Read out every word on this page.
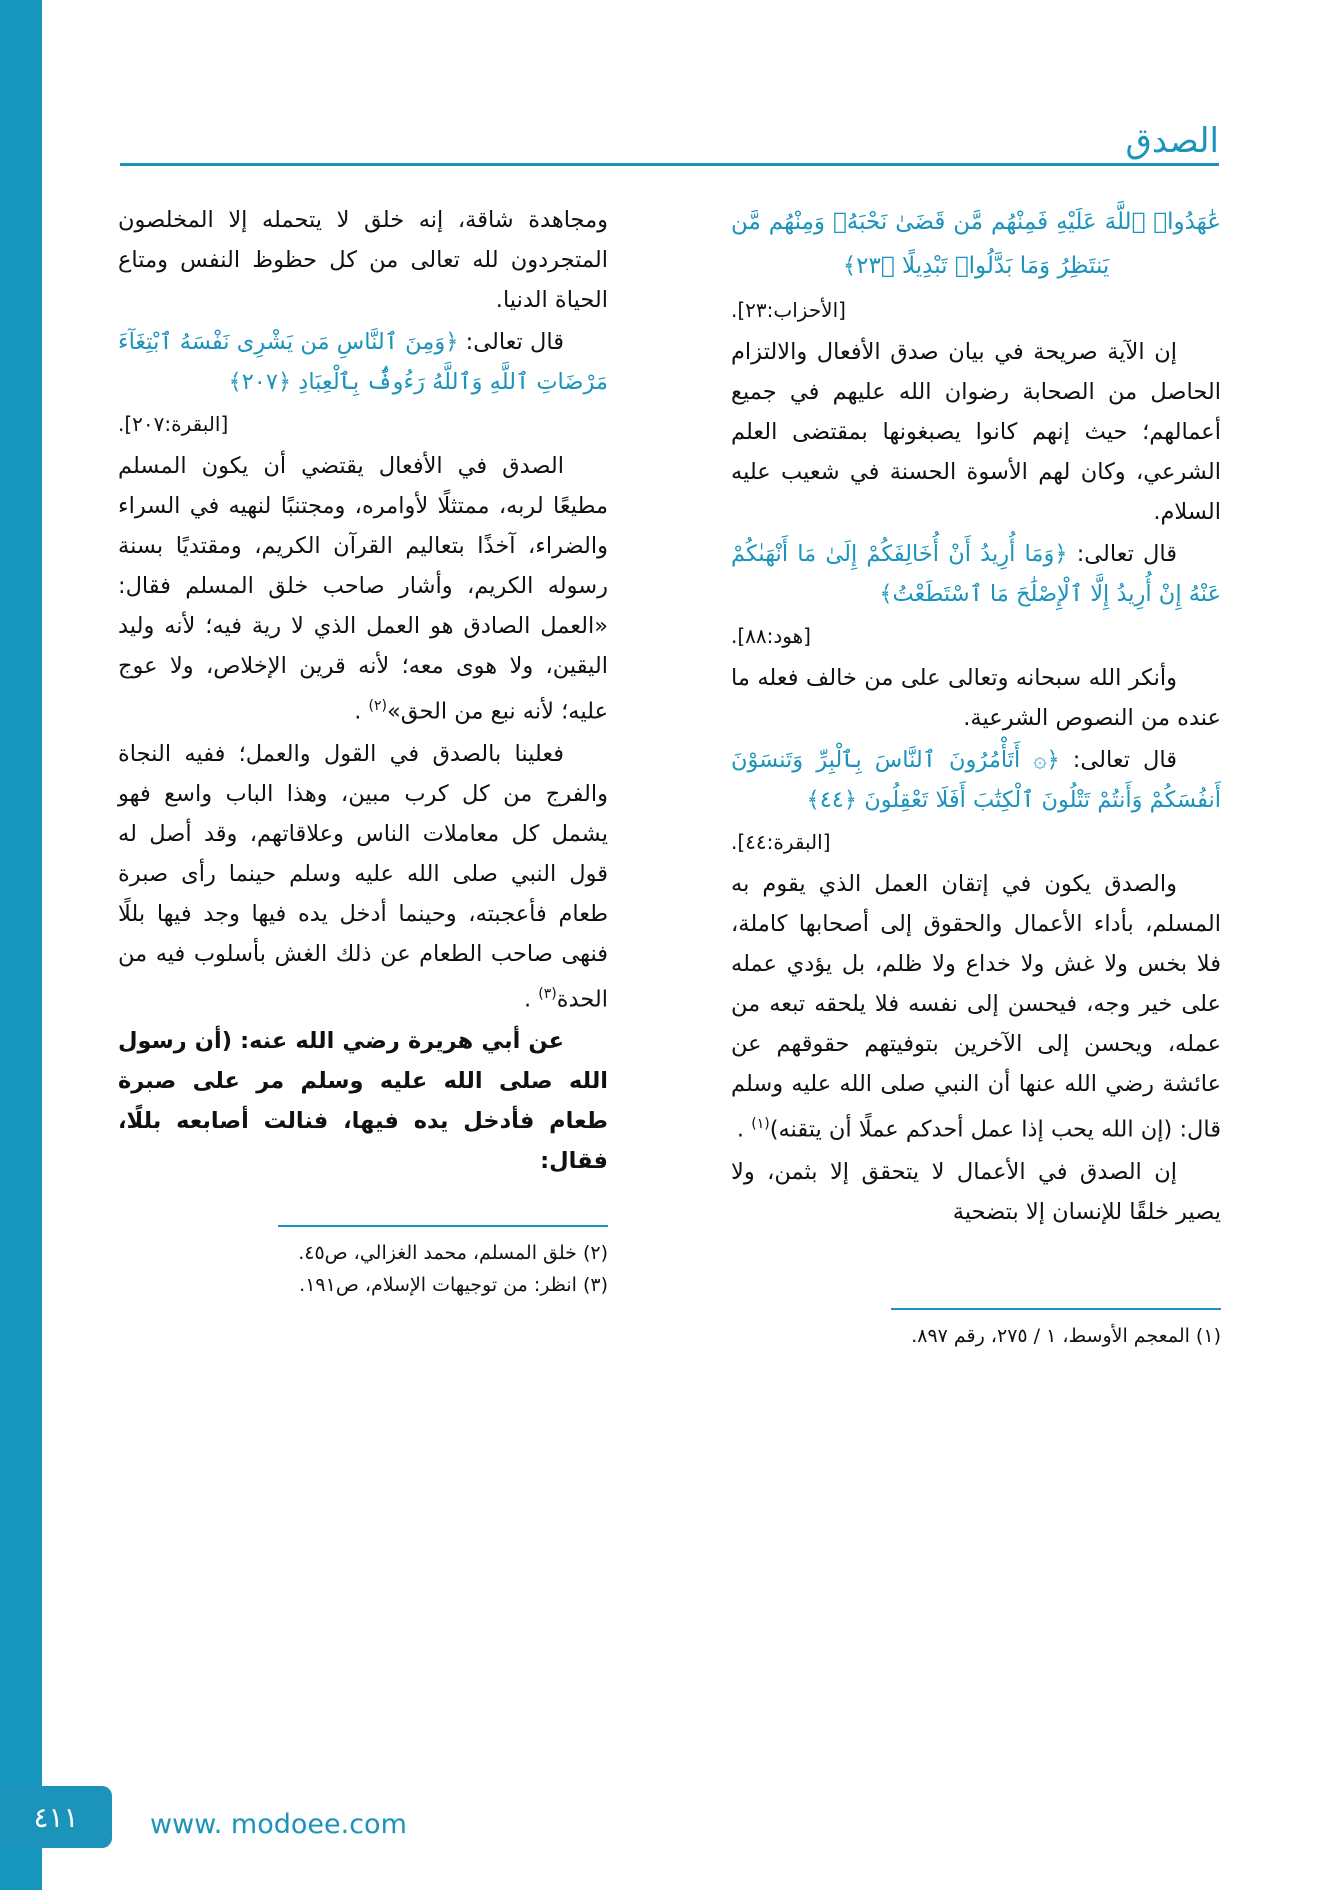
الصدق

عَٰهَدُوا۟ ٱللَّهَ عَلَيْهِ فَمِنْهُم مَّن قَضَىٰ نَحْبَهُۥ وَمِنْهُم مَّن يَنتَظِرُ وَمَا بَدَّلُوا۟ تَبْدِيلًا ﴿٢٣﴾

[الأحزاب:٢٣].

إن الآية صريحة في بيان صدق الأفعال والالتزام الحاصل من الصحابة رضوان الله عليهم في جميع أعمالهم؛ حيث إنهم كانوا يصبغونها بمقتضى العلم الشرعي، وكان لهم الأسوة الحسنة في شعيب عليه السلام.

قال تعالى: ﴿وَمَا أُرِيدُ أَنْ أُخَالِفَكُمْ إِلَىٰ مَا أَنْهَىٰكُمْ عَنْهُ إِنْ أُرِيدُ إِلَّا ٱلْإِصْلَٰحَ مَا ٱسْتَطَعْتُ﴾

[هود:٨٨].

وأنكر الله سبحانه وتعالى على من خالف فعله ما عنده من النصوص الشرعية.

قال تعالى: ﴿۞ أَتَأْمُرُونَ ٱلنَّاسَ بِٱلْبِرِّ وَتَنسَوْنَ أَنفُسَكُمْ وَأَنتُمْ تَتْلُونَ ٱلْكِتَٰبَ أَفَلَا تَعْقِلُونَ ﴿٤٤﴾

[البقرة:٤٤].

والصدق يكون في إتقان العمل الذي يقوم به المسلم، بأداء الأعمال والحقوق إلى أصحابها كاملة، فلا بخس ولا غش ولا خداع ولا ظلم، بل يؤدي عمله على خير وجه، فيحسن إلى نفسه فلا يلحقه تبعه من عمله، ويحسن إلى الآخرين بتوفيتهم حقوقهم عن عائشة رضي الله عنها أن النبي صلى الله عليه وسلم قال: (إن الله يحب إذا عمل أحدكم عملًا أن يتقنه)$^{(١)}$ .

إن الصدق في الأعمال لا يتحقق إلا بثمن، ولا يصير خلقًا للإنسان إلا بتضحية

(١) المعجم الأوسط، ١ / ٢٧٥، رقم ٨٩٧.

ومجاهدة شاقة، إنه خلق لا يتحمله إلا المخلصون المتجردون لله تعالى من كل حظوظ النفس ومتاع الحياة الدنيا.

قال تعالى: ﴿وَمِنَ ٱلنَّاسِ مَن يَشْرِى نَفْسَهُ ٱبْتِغَآءَ مَرْضَاتِ ٱللَّهِ وَٱللَّهُ رَءُوفٌۢ بِٱلْعِبَادِ ﴿٢٠٧﴾

[البقرة:٢٠٧].

الصدق في الأفعال يقتضي أن يكون المسلم مطيعًا لربه، ممتثلًا لأوامره، ومجتنبًا لنهيه في السراء والضراء، آخذًا بتعاليم القرآن الكريم، ومقتديًا بسنة رسوله الكريم، وأشار صاحب خلق المسلم فقال: «العمل الصادق هو العمل الذي لا رية فيه؛ لأنه وليد اليقين، ولا هوى معه؛ لأنه قرين الإخلاص، ولا عوج عليه؛ لأنه نبع من الحق»$^{(٢)}$ .

فعلينا بالصدق في القول والعمل؛ ففيه النجاة والفرج من كل كرب مبين، وهذا الباب واسع فهو يشمل كل معاملات الناس وعلاقاتهم، وقد أصل له قول النبي صلى الله عليه وسلم حينما رأى صبرة طعام فأعجبته، وحينما أدخل يده فيها وجد فيها بللًا فنهى صاحب الطعام عن ذلك الغش بأسلوب فيه من الحدة$^{(٣)}$ .

عن أبي هريرة رضي الله عنه: (أن رسول الله صلى الله عليه وسلم مر على صبرة طعام فأدخل يده فيها، فنالت أصابعه بللًا، فقال:

(٢) خلق المسلم، محمد الغزالي، ص٤٥.

(٣) انظر: من توجيهات الإسلام، ص١٩١.

٤١١	www. modoee.com
